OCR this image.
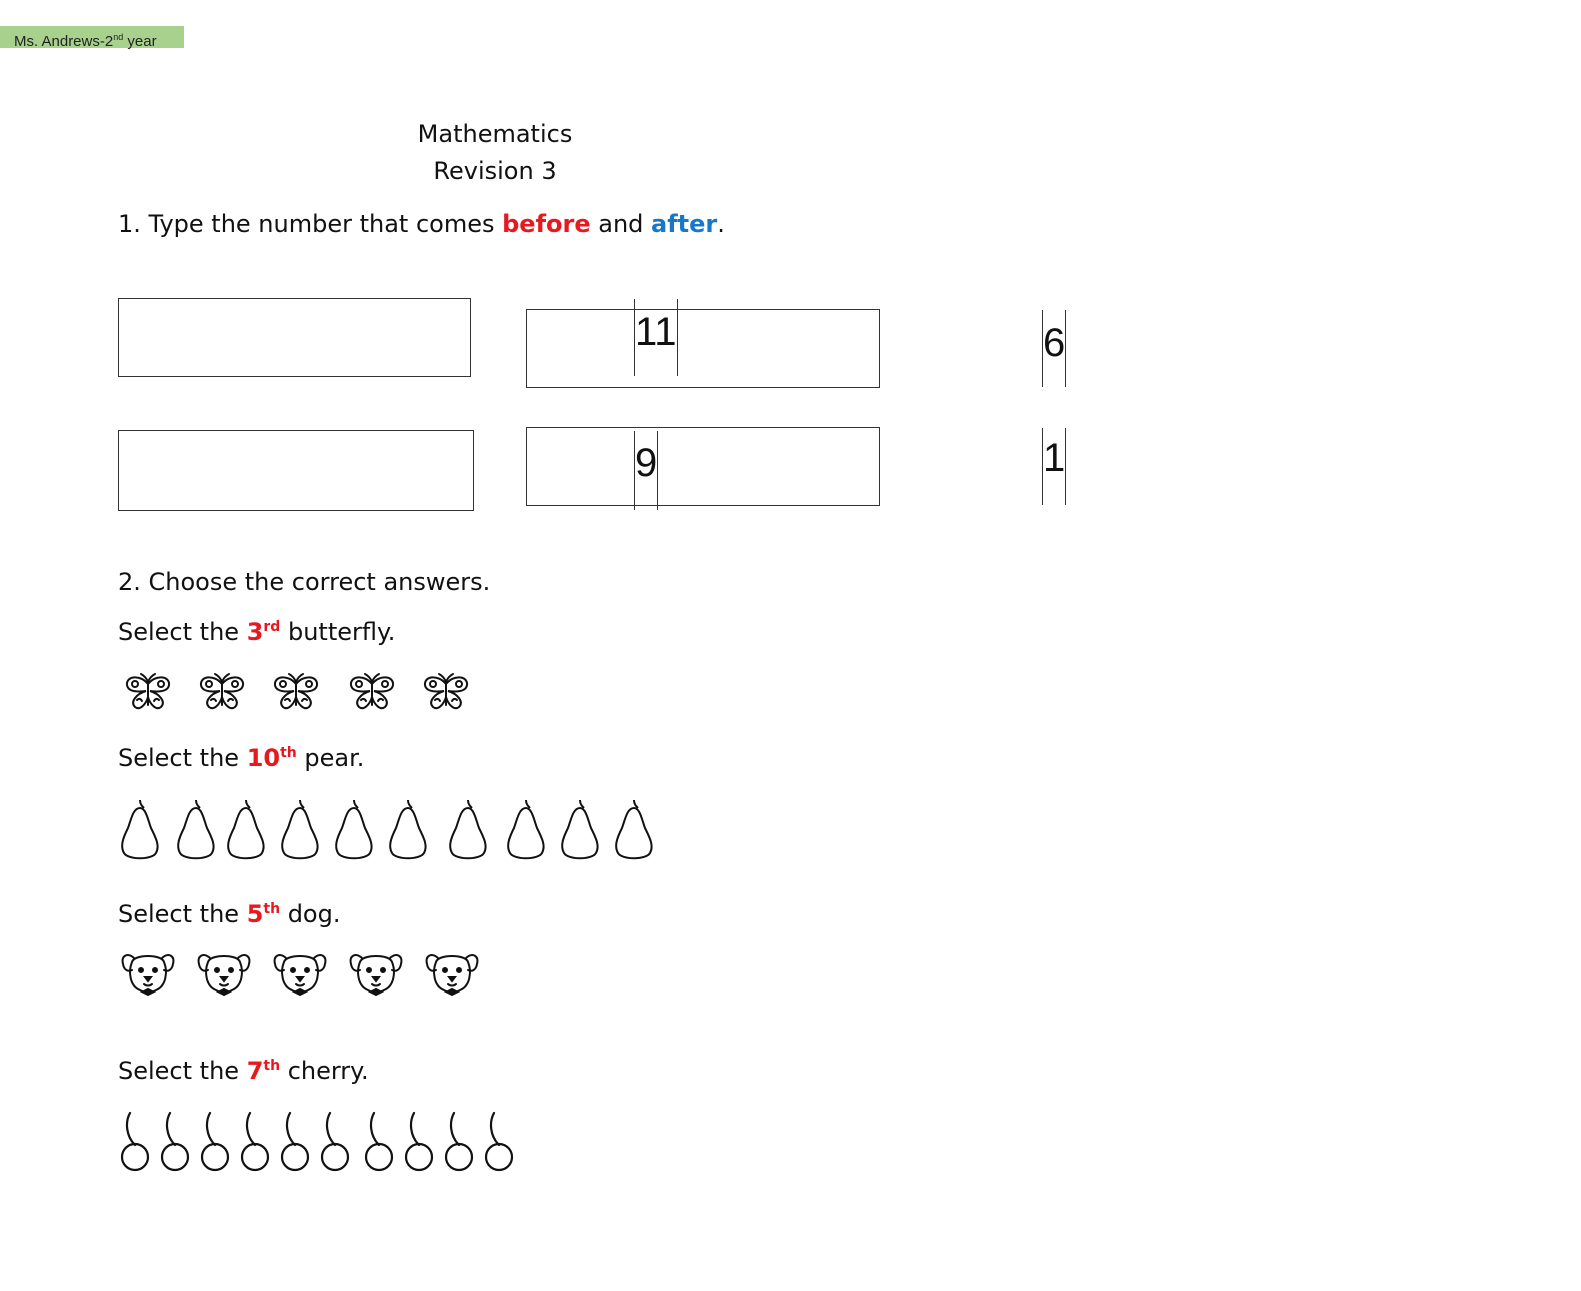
Ms. Andrews-2nd year
Mathematics
Revision 3
1. Type the number that comes before and after.
11	6
9	1
2. Choose the correct answers.
Select the 3rd butterfly.
Select the 10th pear.
Select the 5th dog.
Select the 7th cherry.
